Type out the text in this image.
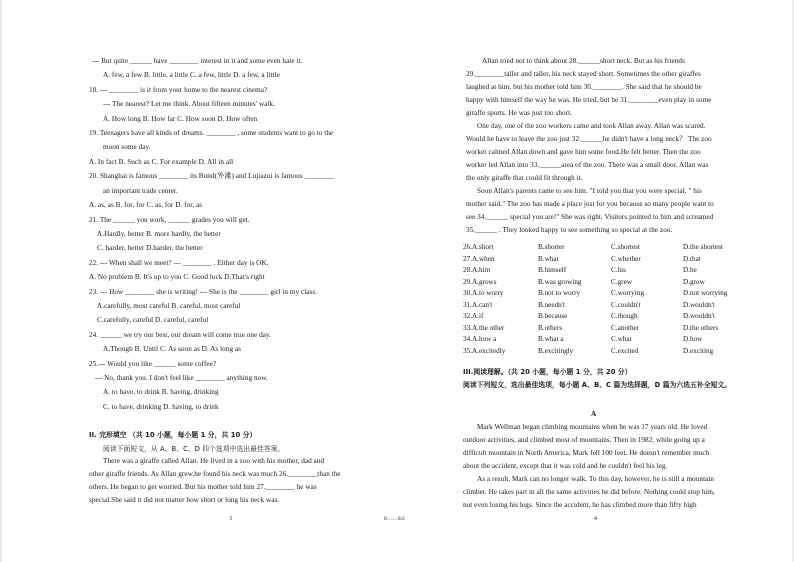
--- But quite ______ have ________ interest in it and some even hate it.
A. few, a few B. little, a little C. a few, little D. a few, a little
18. --- ________ is it from your home to the nearest cinema?
--- The nearest? Let me think. About fifteen minutes' walk.
A. How long B. How far C. How soon D. How often
19. Teenagers have all kinds of dreams. ________ , some students want to go to the
moon some day.
A. In fact B. Such as C. For example D. All in all
20. Shanghai is famous ________ its Bund(外滩) and Lujiazui is famous ________
an important trade center.
A. as, as B. for, for C. as, for D. for, as
21. The ______ you work, ______ grades you will get.
A.Hardly, better B. more hardly, the better
C. harder, better D.harder, the better
22. --- When shall we meet? --- ________ . Either day is OK.
A. No problem B. It's up to you C. Good luck D.That's right
23. --- How ________ she is writing! --- She is the ________ girl in my class.
A.carefully, most careful B. careful, most careful
C.carefully, careful D. careful, careful
24. ______ we try our best, our dream will come true one day.
A.Though B. Until C. As soon as D. As long as
25.--- Would you like ______ some coffee?
--- No, thank you. I don't feel like ________ anything now.
A. to have, to drink B. having, drinking
C. to have, drinking D. having, to drink
II. 完形填空 （共 10 小题，每小题 1 分，共 10 分）
阅读下面短文，从 A、B、C、D 四个选项中选出最佳答案。
There was a giraffe called Allan. He lived in a zoo with his mother, dad and
other giraffe friends. As Allan grew,he found his neck was much 26.________than the
others. He began to get worried. But his mother told him 27.________ he was
special.She said it did not matter how short or long his neck was.
3	8……6/2
Allan tried not to think about 28.______short neck. But as his friends
29.________taller and taller, his neck stayed short. Sometimes the other giraffes
laughed at him, but his mother told him 30.________. She said that he should be
happy with himself the way he was. He tried, but he 31.________even play in some
giraffe sports. He was just too short.
One day, one of the zoo workers came and took Allan away. Allan was scared.
Would he have to leave the zoo just 32.______he didn't have a long neck？ The zoo
worker calmed Allan down and gave him some food.He felt better. Then the zoo
worker led Allan into 33.______area of the zoo. There was a small door. Allan was
the only giraffe that could fit through it.
Soon Allan's parents came to see him. "I told you that you were special, " his
mother said." The zoo has made a place just for you because so many people want to
see 34.______ special you are!" She was right. Visitors pointed to him and screamed
35.______ . They looked happy to see something so special at the zoo.
26.A.short	B.shorter	C.shortest	D.the shortest
27.A.when	B.what	C.whether	D.that
28.A.him	B.himself	C.his	D.he
29.A.grows	B.was growing	C.grew	D.grow
30.A.to worry	B.not to worry	C.worrying	D.not worrying
31.A.can't	B.needn't	C.couldn't	D.wouldn't
32.A.if	B.because	C.though	D.wouldn't
33.A.the other	B.others	C.another	D.the others
34.A.how a	B.what a	C.what	D.how
35.A.excitedly	B.excitingly	C.excited	D.exciting
III.阅读理解。（共 20 小题，每小题 1 分，共 20 分）
阅读下列短文，选出最佳选项，每小题 A、B、C 篇为选择题，D 篇为六选五补全短文。
A
Mark Wellman began climbing mountains when he was 17 years old. He loved
outdoor activities, and climbed most of mountains. Then in 1982, while going up a
difficult mountain in North America, Mark fell 100 feet. He doesn't remember much
about the accident, except that it was cold and he couldn't feel his leg.
As a result, Mark can no longer walk. To this day, however, he is still a mountain
climber. He takes part in all the same activities he did before. Nothing could stop him,
not even losing his legs. Since the accident, he has climbed more than fifty high
4
